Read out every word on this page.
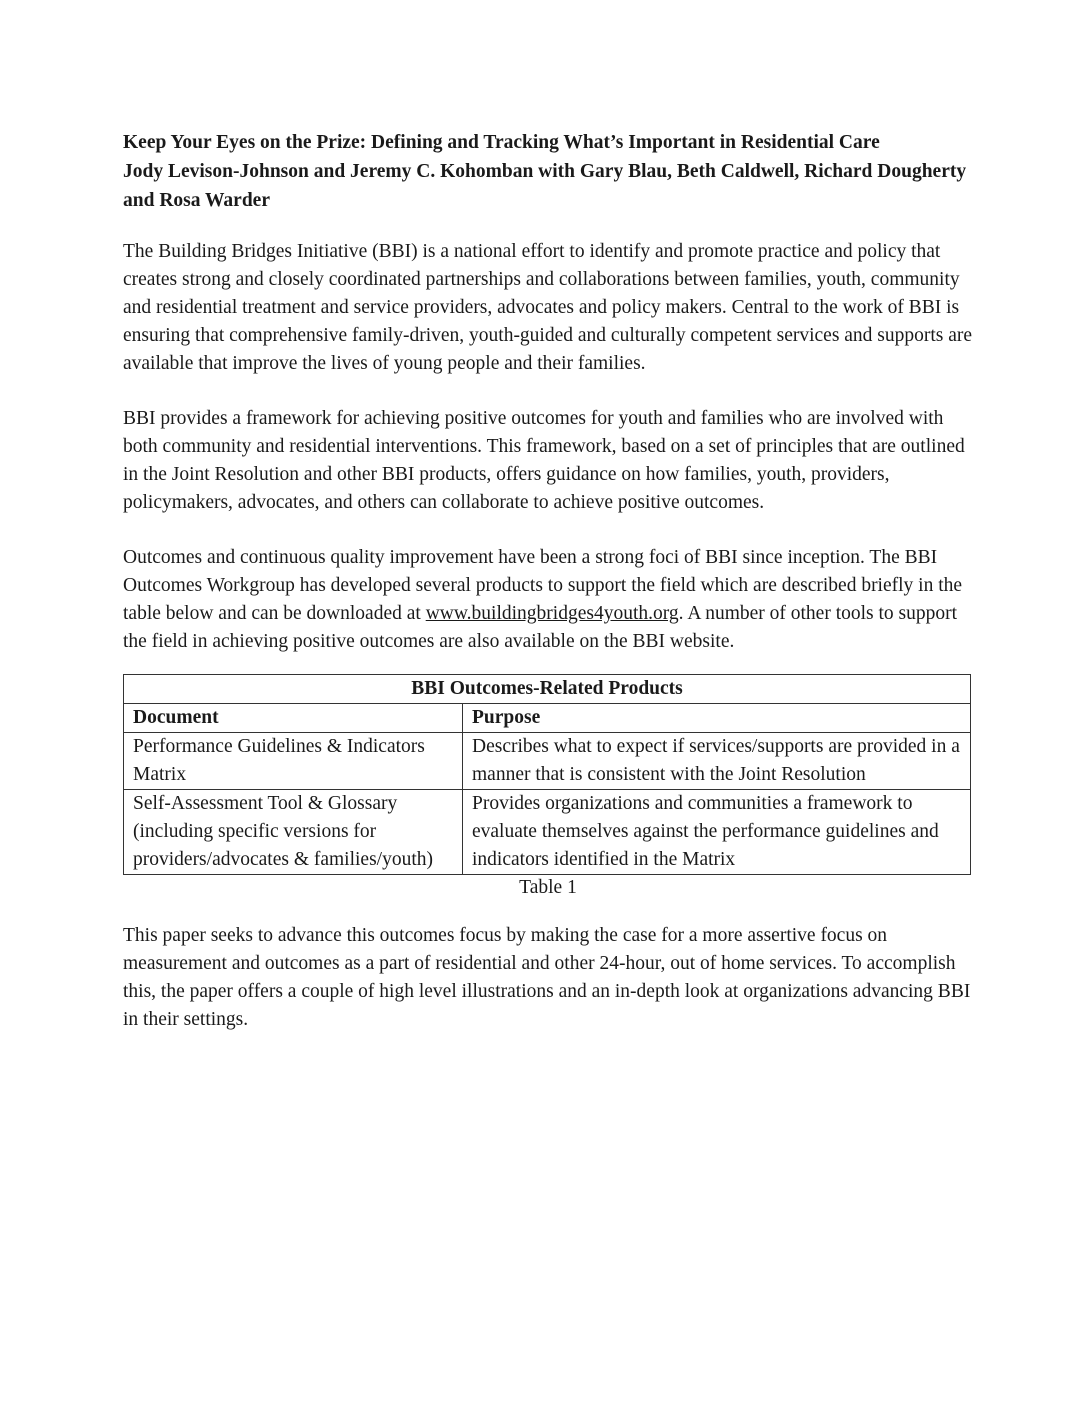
Keep Your Eyes on the Prize: Defining and Tracking What’s Important in Residential Care

Jody Levison-Johnson and Jeremy C. Kohomban with Gary Blau, Beth Caldwell, Richard Dougherty and Rosa Warder

The Building Bridges Initiative (BBI) is a national effort to identify and promote practice and policy that creates strong and closely coordinated partnerships and collaborations between families, youth, community and residential treatment and service providers, advocates and policy makers. Central to the work of BBI is ensuring that comprehensive family-driven, youth-guided and culturally competent services and supports are available that improve the lives of young people and their families.

BBI provides a framework for achieving positive outcomes for youth and families who are involved with both community and residential interventions. This framework, based on a set of principles that are outlined in the Joint Resolution and other BBI products, offers guidance on how families, youth, providers, policymakers, advocates, and others can collaborate to achieve positive outcomes.

Outcomes and continuous quality improvement have been a strong foci of BBI since inception. The BBI Outcomes Workgroup has developed several products to support the field which are described briefly in the table below and can be downloaded at www.buildingbridges4youth.org. A number of other tools to support the field in achieving positive outcomes are also available on the BBI website.

BBI Outcomes-Related Products	
Document	Purpose
Performance Guidelines & Indicators Matrix	Describes what to expect if services/supports are provided in a manner that is consistent with the Joint Resolution
Self-Assessment Tool & Glossary (including specific versions for providers/advocates & families/youth)	Provides organizations and communities a framework to evaluate themselves against the performance guidelines and indicators identified in the Matrix

Table 1

This paper seeks to advance this outcomes focus by making the case for a more assertive focus on measurement and outcomes as a part of residential and other 24-hour, out of home services. To accomplish this, the paper offers a couple of high level illustrations and an in-depth look at organizations advancing BBI in their settings.
